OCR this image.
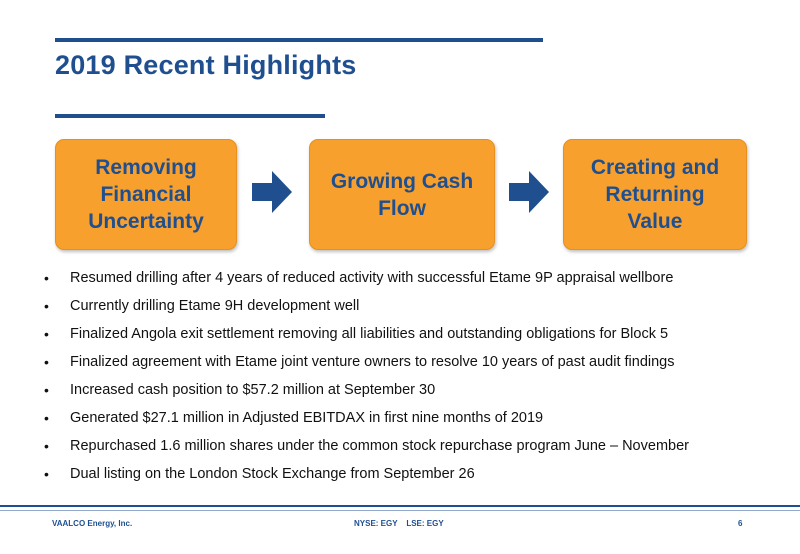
2019 Recent Highlights
Removing
Financial
Uncertainty
Growing Cash
Flow
Creating and
Returning
Value
• Resumed drilling after 4 years of reduced activity with successful Etame 9P appraisal wellbore
• Currently drilling Etame 9H development well
• Finalized Angola exit settlement removing all liabilities and outstanding obligations for Block 5
• Finalized agreement with Etame joint venture owners to resolve 10 years of past audit findings
• Increased cash position to $57.2 million at September 30
• Generated $27.1 million in Adjusted EBITDAX in first nine months of 2019
• Repurchased 1.6 million shares under the common stock repurchase program June – November
• Dual listing on the London Stock Exchange from September 26
VAALCO Energy, Inc.	NYSE: EGY    LSE: EGY	6
